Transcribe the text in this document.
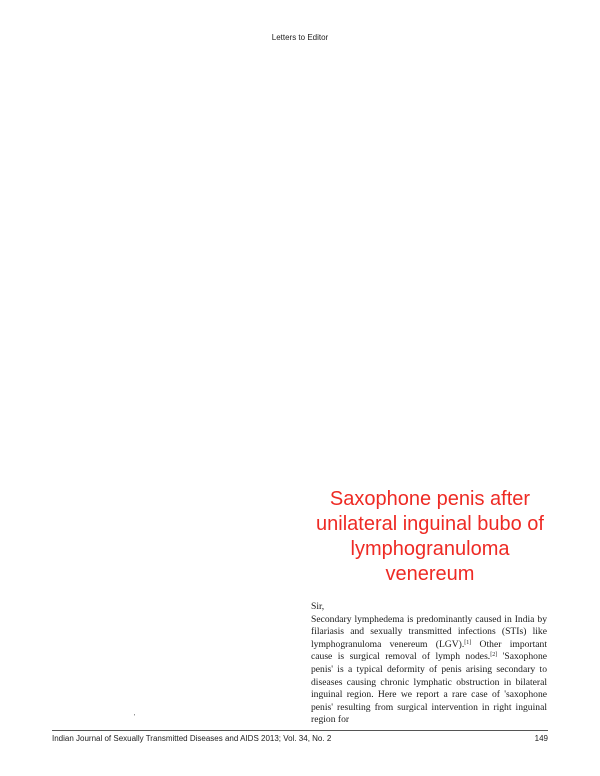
Letters to Editor
Saxophone penis after unilateral inguinal bubo of lymphogranuloma venereum

Sir,

Secondary lymphedema is predominantly caused in India by filariasis and sexually transmitted infections (STIs) like lymphogranuloma venereum (LGV).[1] Other important cause is surgical removal of lymph nodes.[2] 'Saxophone penis' is a typical deformity of penis arising secondary to diseases causing chronic lymphatic obstruction in bilateral inguinal region. Here we report a rare case of 'saxophone penis' resulting from surgical intervention in right inguinal region for

'
Indian Journal of Sexually Transmitted Diseases and AIDS 2013; Vol. 34, No. 2	149
